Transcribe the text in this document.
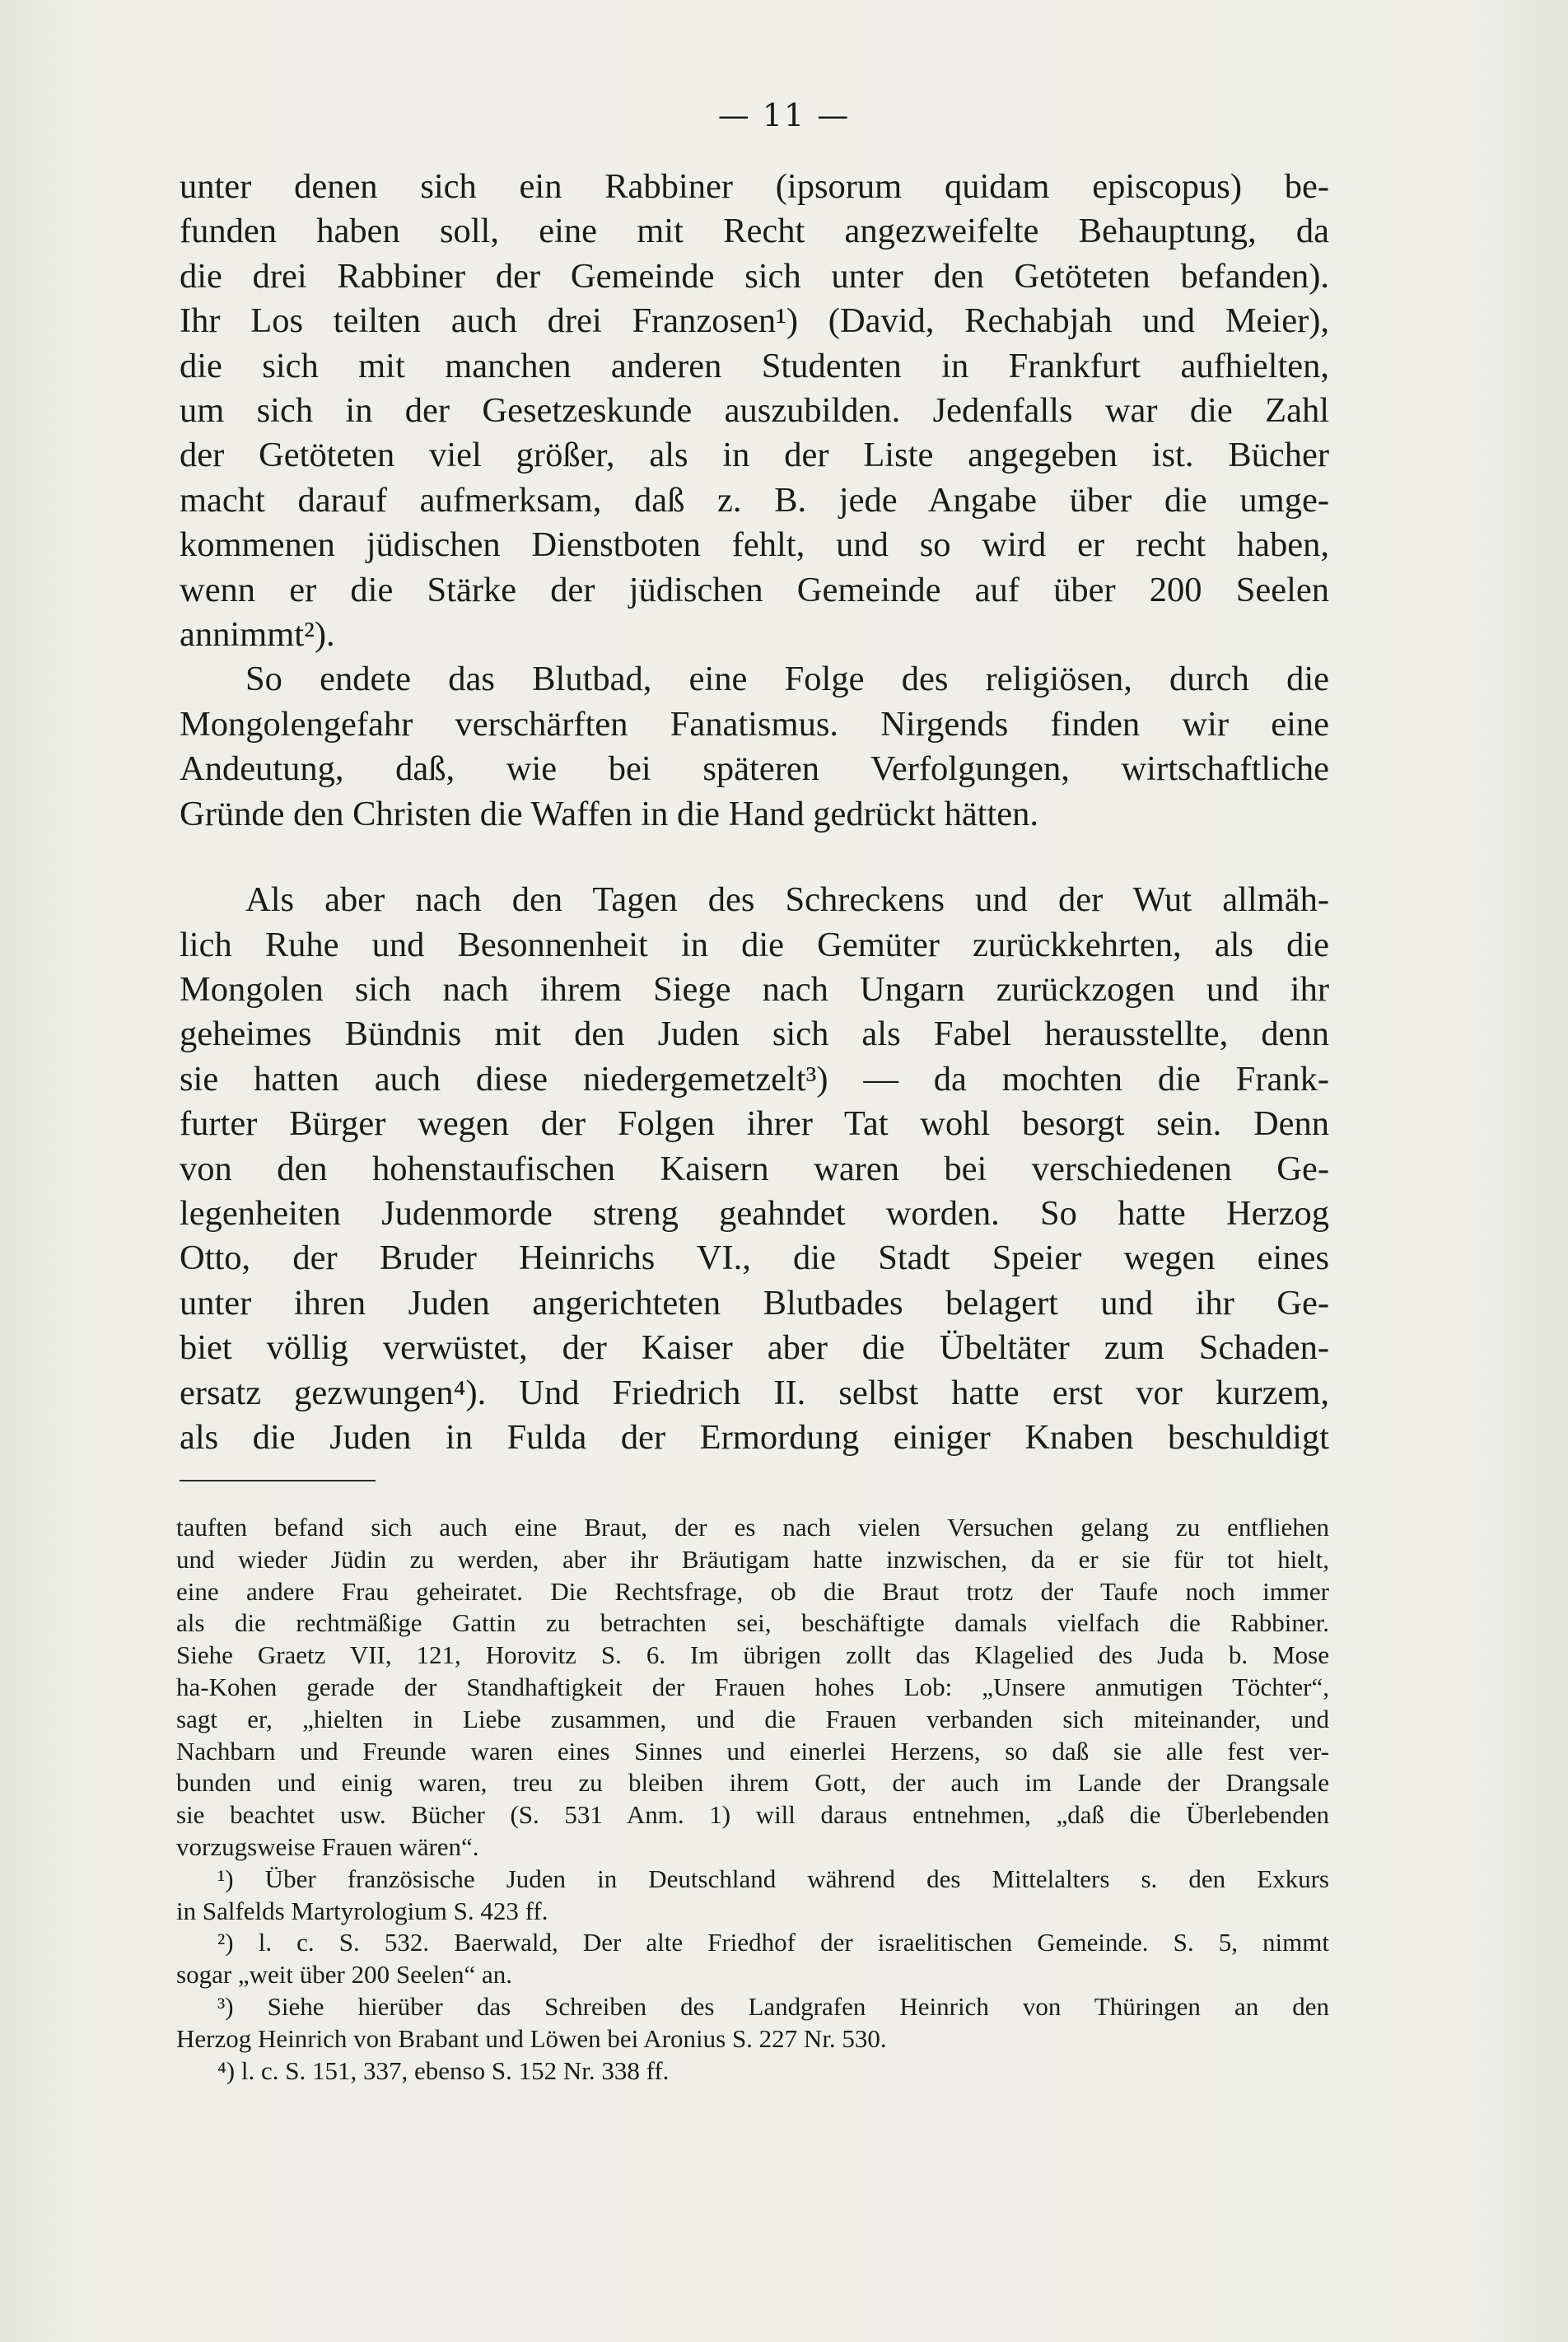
— 11 —

unter denen sich ein Rabbiner (ipsorum quidam episcopus) be-
funden haben soll, eine mit Recht angezweifelte Behauptung, da
die drei Rabbiner der Gemeinde sich unter den Getöteten befanden).
Ihr Los teilten auch drei Franzosen¹) (David, Rechabjah und Meier),
die sich mit manchen anderen Studenten in Frankfurt aufhielten,
um sich in der Gesetzeskunde auszubilden. Jedenfalls war die Zahl
der Getöteten viel größer, als in der Liste angegeben ist. Bücher
macht darauf aufmerksam, daß z. B. jede Angabe über die umge-
kommenen jüdischen Dienstboten fehlt, und so wird er recht haben,
wenn er die Stärke der jüdischen Gemeinde auf über 200 Seelen
annimmt²).

So endete das Blutbad, eine Folge des religiösen, durch die
Mongolengefahr verschärften Fanatismus. Nirgends finden wir eine
Andeutung, daß, wie bei späteren Verfolgungen, wirtschaftliche
Gründe den Christen die Waffen in die Hand gedrückt hätten.

Als aber nach den Tagen des Schreckens und der Wut allmäh-
lich Ruhe und Besonnenheit in die Gemüter zurückkehrten, als die
Mongolen sich nach ihrem Siege nach Ungarn zurückzogen und ihr
geheimes Bündnis mit den Juden sich als Fabel herausstellte, denn
sie hatten auch diese niedergemetzelt³) — da mochten die Frank-
furter Bürger wegen der Folgen ihrer Tat wohl besorgt sein. Denn
von den hohenstaufischen Kaisern waren bei verschiedenen Ge-
legenheiten Judenmorde streng geahndet worden. So hatte Herzog
Otto, der Bruder Heinrichs VI., die Stadt Speier wegen eines
unter ihren Juden angerichteten Blutbades belagert und ihr Ge-
biet völlig verwüstet, der Kaiser aber die Übeltäter zum Schaden-
ersatz gezwungen⁴). Und Friedrich II. selbst hatte erst vor kurzem,
als die Juden in Fulda der Ermordung einiger Knaben beschuldigt

tauften befand sich auch eine Braut, der es nach vielen Versuchen gelang zu entfliehen
und wieder Jüdin zu werden, aber ihr Bräutigam hatte inzwischen, da er sie für tot hielt,
eine andere Frau geheiratet. Die Rechtsfrage, ob die Braut trotz der Taufe noch immer
als die rechtmäßige Gattin zu betrachten sei, beschäftigte damals vielfach die Rabbiner.
Siehe Graetz VII, 121, Horovitz S. 6. Im übrigen zollt das Klagelied des Juda b. Mose
ha-Kohen gerade der Standhaftigkeit der Frauen hohes Lob: „Unsere anmutigen Töchter“,
sagt er, „hielten in Liebe zusammen, und die Frauen verbanden sich miteinander, und
Nachbarn und Freunde waren eines Sinnes und einerlei Herzens, so daß sie alle fest ver-
bunden und einig waren, treu zu bleiben ihrem Gott, der auch im Lande der Drangsale
sie beachtet usw. Bücher (S. 531 Anm. 1) will daraus entnehmen, „daß die Überlebenden
vorzugsweise Frauen wären“.

¹) Über französische Juden in Deutschland während des Mittelalters s. den Exkurs
in Salfelds Martyrologium S. 423 ff.

²) l. c. S. 532. Baerwald, Der alte Friedhof der israelitischen Gemeinde. S. 5, nimmt
sogar „weit über 200 Seelen“ an.

³) Siehe hierüber das Schreiben des Landgrafen Heinrich von Thüringen an den
Herzog Heinrich von Brabant und Löwen bei Aronius S. 227 Nr. 530.

⁴) l. c. S. 151, 337, ebenso S. 152 Nr. 338 ff.
